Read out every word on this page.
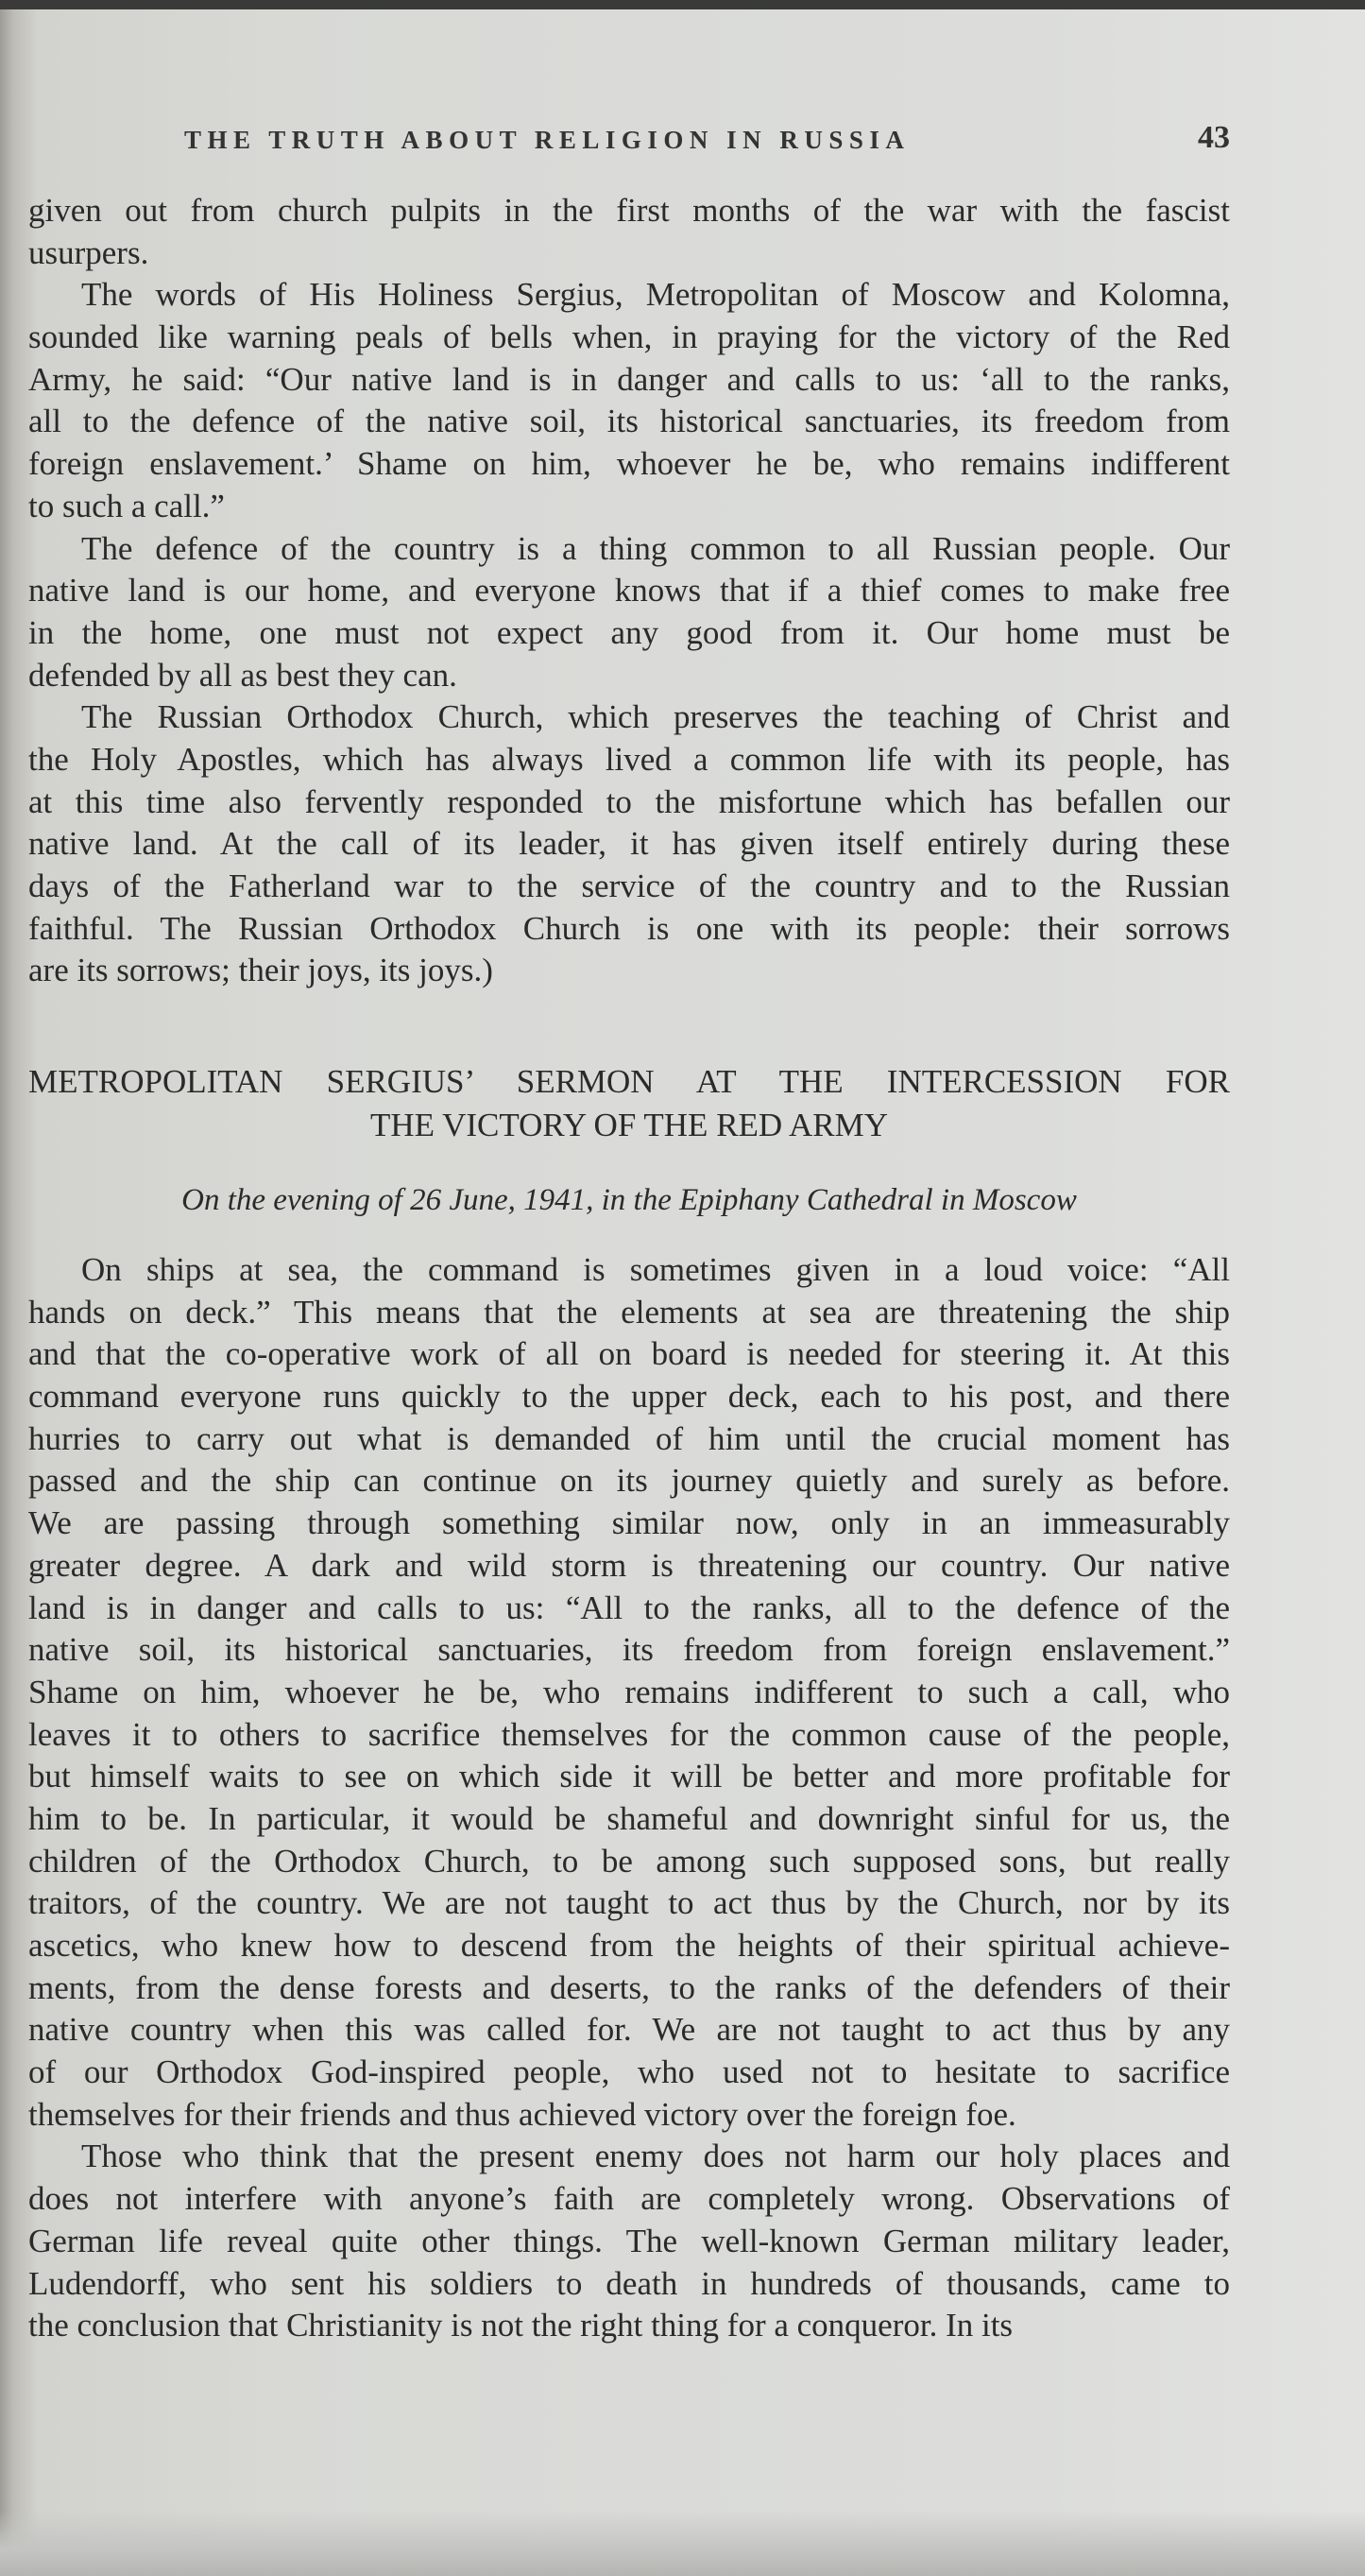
THE TRUTH ABOUT RELIGION IN RUSSIA	43
given out from church pulpits in the first months of the war with the fascist
usurpers.
The words of His Holiness Sergius, Metropolitan of Moscow and Kolomna,
sounded like warning peals of bells when, in praying for the victory of the Red
Army, he said: “Our native land is in danger and calls to us: ‘all to the ranks,
all to the defence of the native soil, its historical sanctuaries, its freedom from
foreign enslavement.’ Shame on him, whoever he be, who remains indifferent
to such a call.”
The defence of the country is a thing common to all Russian people. Our
native land is our home, and everyone knows that if a thief comes to make free
in the home, one must not expect any good from it. Our home must be
defended by all as best they can.
The Russian Orthodox Church, which preserves the teaching of Christ and
the Holy Apostles, which has always lived a common life with its people, has
at this time also fervently responded to the misfortune which has befallen our
native land. At the call of its leader, it has given itself entirely during these
days of the Fatherland war to the service of the country and to the Russian
faithful. The Russian Orthodox Church is one with its people: their sorrows
are its sorrows; their joys, its joys.)
METROPOLITAN SERGIUS’ SERMON AT THE INTERCESSION FOR
THE VICTORY OF THE RED ARMY
On the evening of 26 June, 1941, in the Epiphany Cathedral in Moscow
On ships at sea, the command is sometimes given in a loud voice: “All
hands on deck.” This means that the elements at sea are threatening the ship
and that the co-operative work of all on board is needed for steering it. At this
command everyone runs quickly to the upper deck, each to his post, and there
hurries to carry out what is demanded of him until the crucial moment has
passed and the ship can continue on its journey quietly and surely as before.
We are passing through something similar now, only in an immeasurably
greater degree. A dark and wild storm is threatening our country. Our native
land is in danger and calls to us: “All to the ranks, all to the defence of the
native soil, its historical sanctuaries, its freedom from foreign enslavement.”
Shame on him, whoever he be, who remains indifferent to such a call, who
leaves it to others to sacrifice themselves for the common cause of the people,
but himself waits to see on which side it will be better and more profitable for
him to be. In particular, it would be shameful and downright sinful for us, the
children of the Orthodox Church, to be among such supposed sons, but really
traitors, of the country. We are not taught to act thus by the Church, nor by its
ascetics, who knew how to descend from the heights of their spiritual achieve-
ments, from the dense forests and deserts, to the ranks of the defenders of their
native country when this was called for. We are not taught to act thus by any
of our Orthodox God-inspired people, who used not to hesitate to sacrifice
themselves for their friends and thus achieved victory over the foreign foe.
Those who think that the present enemy does not harm our holy places and
does not interfere with anyone’s faith are completely wrong. Observations of
German life reveal quite other things. The well-known German military leader,
Ludendorff, who sent his soldiers to death in hundreds of thousands, came to
the conclusion that Christianity is not the right thing for a conqueror. In its
